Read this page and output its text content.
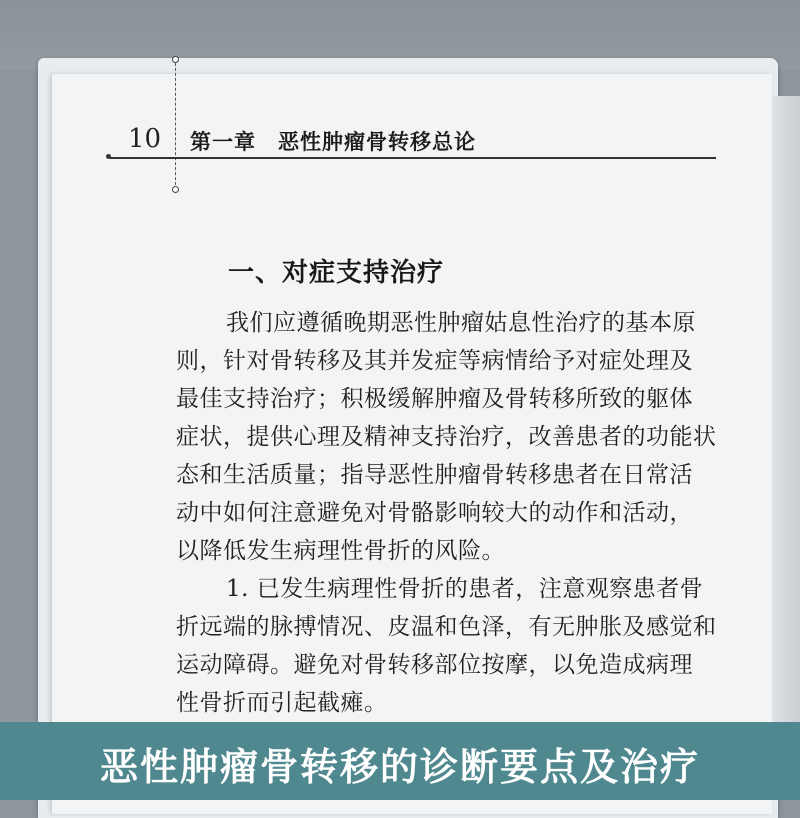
10 第一章　恶性肿瘤骨转移总论
一、对症支持治疗
我们应遵循晚期恶性肿瘤姑息性治疗的基本原
则，针对骨转移及其并发症等病情给予对症处理及
最佳支持治疗；积极缓解肿瘤及骨转移所致的躯体
症状，提供心理及精神支持治疗，改善患者的功能状
态和生活质量；指导恶性肿瘤骨转移患者在日常活
动中如何注意避免对骨骼影响较大的动作和活动，
以降低发生病理性骨折的风险。
1. 已发生病理性骨折的患者，注意观察患者骨
折远端的脉搏情况、皮温和色泽，有无肿胀及感觉和
运动障碍。避免对骨转移部位按摩，以免造成病理
性骨折而引起截瘫。
恶性肿瘤骨转移的诊断要点及治疗
